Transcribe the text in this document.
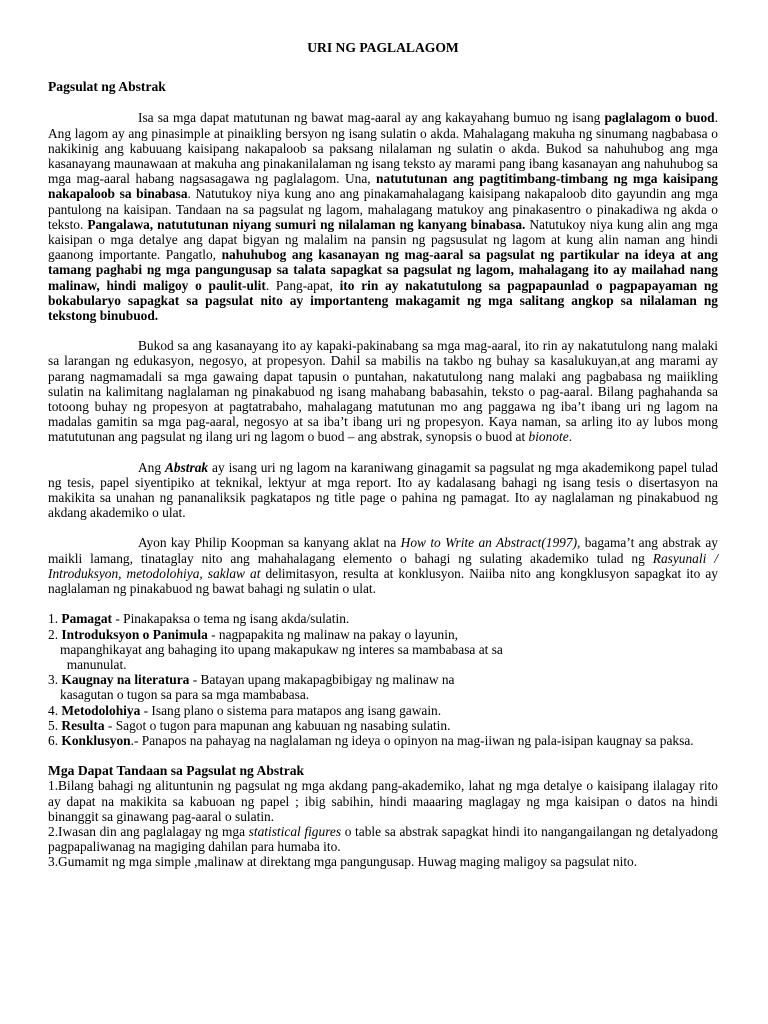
URI NG PAGLALAGOM
Pagsulat ng Abstrak

Isa sa mga dapat matutunan ng bawat mag-aaral ay ang kakayahang bumuo ng isang paglalagom o buod. Ang lagom ay ang pinasimple at pinaikling bersyon ng isang sulatin o akda. Mahalagang makuha ng sinumang nagbabasa o nakikinig ang kabuuang kaisipang nakapaloob sa paksang nilalaman ng sulatin o akda. Bukod sa nahuhubog ang mga kasanayang maunawaan at makuha ang pinakanilalaman ng isang teksto ay marami pang ibang kasanayan ang nahuhubog sa mga mag-aaral habang nagsasagawa ng paglalagom. Una, natututunan ang pagtitimbang-timbang ng mga kaisipang nakapaloob sa binabasa. Natutukoy niya kung ano ang pinakamahalagang kaisipang nakapaloob dito gayundin ang mga pantulong na kaisipan. Tandaan na sa pagsulat ng lagom, mahalagang matukoy ang pinakasentro o pinakadiwa ng akda o teksto. Pangalawa, natututunan niyang sumuri ng nilalaman ng kanyang binabasa. Natutukoy niya kung alin ang mga kaisipan o mga detalye ang dapat bigyan ng malalim na pansin ng pagsusulat ng lagom at kung alin naman ang hindi gaanong importante. Pangatlo, nahuhubog ang kasanayan ng mag-aaral sa pagsulat ng partikular na ideya at ang tamang paghabi ng mga pangungusap sa talata sapagkat sa pagsulat ng lagom, mahalagang ito ay mailahad nang malinaw, hindi maligoy o paulit-ulit. Pang-apat, ito rin ay nakatutulong sa pagpapaunlad o pagpapayaman ng bokabularyo sapagkat sa pagsulat nito ay importanteng makagamit ng mga salitang angkop sa nilalaman ng tekstong binubuod.

Bukod sa ang kasanayang ito ay kapaki-pakinabang sa mga mag-aaral, ito rin ay nakatutulong nang malaki sa larangan ng edukasyon, negosyo, at propesyon. Dahil sa mabilis na takbo ng buhay sa kasalukuyan,at ang marami ay parang nagmamadali sa mga gawaing dapat tapusin o puntahan, nakatutulong nang malaki ang pagbabasa ng maiikling sulatin na kalimitang naglalaman ng pinakabuod ng isang mahabang babasahin, teksto o pag-aaral. Bilang paghahanda sa totoong buhay ng propesyon at pagtatrabaho, mahalagang matutunan mo ang paggawa ng iba’t ibang uri ng lagom na madalas gamitin sa mga pag-aaral, negosyo at sa iba’t ibang uri ng propesyon. Kaya naman, sa arling ito ay lubos mong matututunan ang pagsulat ng ilang uri ng lagom o buod – ang abstrak, synopsis o buod at bionote.

Ang Abstrak ay isang uri ng lagom na karaniwang ginagamit sa pagsulat ng mga akademikong papel tulad ng tesis, papel siyentipiko at teknikal, lektyur at mga report. Ito ay kadalasang bahagi ng isang tesis o disertasyon na makikita sa unahan ng pananaliksik pagkatapos ng title page o pahina ng pamagat. Ito ay naglalaman ng pinakabuod ng akdang akademiko o ulat.

Ayon kay Philip Koopman sa kanyang aklat na How to Write an Abstract(1997), bagama’t ang abstrak ay maikli lamang, tinataglay nito ang mahahalagang elemento o bahagi ng sulating akademiko tulad ng Rasyunali / Introduksyon, metodolohiya, saklaw at delimitasyon, resulta at konklusyon. Naiiba nito ang kongklusyon sapagkat ito ay naglalaman ng pinakabuod ng bawat bahagi ng sulatin o ulat.

1. Pamagat - Pinakapaksa o tema ng isang akda/sulatin.
2. Introduksyon o Panimula - nagpapakita ng malinaw na pakay o layunin,
mapanghikayat ang bahaging ito upang makapukaw ng interes sa mambabasa at sa
manunulat.
3. Kaugnay na literatura - Batayan upang makapagbibigay ng malinaw na
kasagutan o tugon sa para sa mga mambabasa.
4. Metodolohiya - Isang plano o sistema para matapos ang isang gawain.
5. Resulta - Sagot o tugon para mapunan ang kabuuan ng nasabing sulatin.
6. Konklusyon.- Panapos na pahayag na naglalaman ng ideya o opinyon na mag-iiwan ng pala-isipan kaugnay sa paksa.
Mga Dapat Tandaan sa Pagsulat ng Abstrak

1.Bilang bahagi ng alituntunin ng pagsulat ng mga akdang pang-akademiko, lahat ng mga detalye o kaisipang ilalagay rito ay dapat na makikita sa kabuoan ng papel ; ibig sabihin, hindi maaaring maglagay ng mga kaisipan o datos na hindi binanggit sa ginawang pag-aaral o sulatin.

2.Iwasan din ang paglalagay ng mga statistical figures o table sa abstrak sapagkat hindi ito nangangailangan ng detalyadong pagpapaliwanag na magiging dahilan para humaba ito.

3.Gumamit ng mga simple ,malinaw at direktang mga pangungusap. Huwag maging maligoy sa pagsulat nito.
